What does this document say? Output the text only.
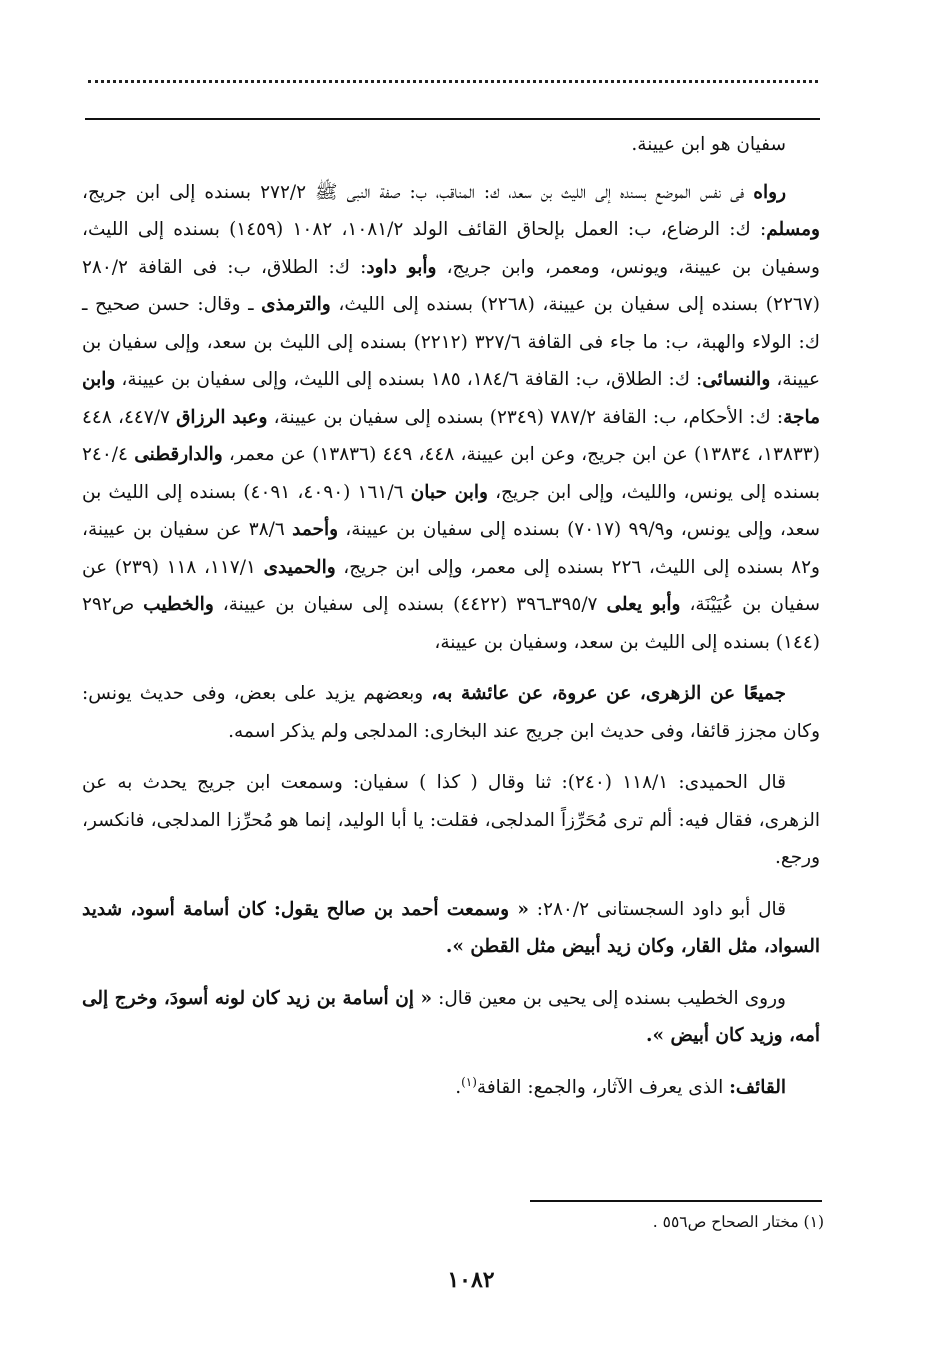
سفيان هو ابن عيينة.

رواه فى نفس الموضع بسنده إلى الليث بن سعد، ك: المناقب، ب: صفة النبى ﷺ ٢٧٢/٢ بسنده إلى ابن جريج، ومسلم: ك: الرضاع، ب: العمل بإلحاق القائف الولد ١٠٨١/٢، ١٠٨٢ (١٤٥٩) بسنده إلى الليث، وسفيان بن عيينة، ويونس، ومعمر، وابن جريج، وأبو داود: ك: الطلاق، ب: فى القافة ٢٨٠/٢ (٢٢٦٧) بسنده إلى سفيان بن عيينة، (٢٢٦٨) بسنده إلى الليث، والترمذى ـ وقال: حسن صحيح ـ ك: الولاء والهبة، ب: ما جاء فى القافة ٣٢٧/٦ (٢٢١٢) بسنده إلى الليث بن سعد، وإلى سفيان بن عيينة، والنسائى: ك: الطلاق، ب: القافة ١٨٤/٦، ١٨٥ بسنده إلى الليث، وإلى سفيان بن عيينة، وابن ماجة: ك: الأحكام، ب: القافة ٧٨٧/٢ (٢٣٤٩) بسنده إلى سفيان بن عيينة، وعبد الرزاق ٤٤٧/٧، ٤٤٨ (١٣٨٣٣، ١٣٨٣٤) عن ابن جريج، وعن ابن عيينة، ٤٤٨، ٤٤٩ (١٣٨٣٦) عن معمر، والدارقطنى ٢٤٠/٤ بسنده إلى يونس، والليث، وإلى ابن جريج، وابن حبان ١٦١/٦ (٤٠٩٠، ٤٠٩١) بسنده إلى الليث بن سعد، وإلى يونس، و٩٩/٩ (٧٠١٧) بسنده إلى سفيان بن عيينة، وأحمد ٣٨/٦ عن سفيان بن عيينة، و٨٢ بسنده إلى الليث، ٢٢٦ بسنده إلى معمر، وإلى ابن جريج، والحميدى ١١٧/١، ١١٨ (٢٣٩) عن سفيان بن عُيَيْنَة، وأبو يعلى ٣٩٥/٧ـ٣٩٦ (٤٤٢٢) بسنده إلى سفيان بن عيينة، والخطيب ص٢٩٢ (١٤٤) بسنده إلى الليث بن سعد، وسفيان بن عيينة،

جميعًا عن الزهرى، عن عروة، عن عائشة به، وبعضهم يزيد على بعض، وفى حديث يونس: وكان مجزز قائفا، وفى حديث ابن جريج عند البخارى: المدلجى ولم يذكر اسمه.

قال الحميدى: ١١٨/١ (٢٤٠): ثنا وقال ( كذا ) سفيان: وسمعت ابن جريج يحدث به عن الزهرى، فقال فيه: ألم ترى مُحَرِّزاً المدلجى، فقلت: يا أبا الوليد، إنما هو مُحرِّزا المدلجى، فانكسر، ورجع.

قال أبو داود السجستانى ٢٨٠/٢: « وسمعت أحمد بن صالح يقول: كان أسامة أسود، شديد السواد، مثل القار، وكان زيد أبيض مثل القطن ».

وروى الخطيب بسنده إلى يحيى بن معين قال: « إن أسامة بن زيد كان لونه أسودَ، وخرج إلى أمه، وزيد كان أبيض ».

القائف: الذى يعرف الآثار، والجمع: القافة$^{(١)}$.

(١) مختار الصحاح ص٥٥٦ .
١٠٨٢
